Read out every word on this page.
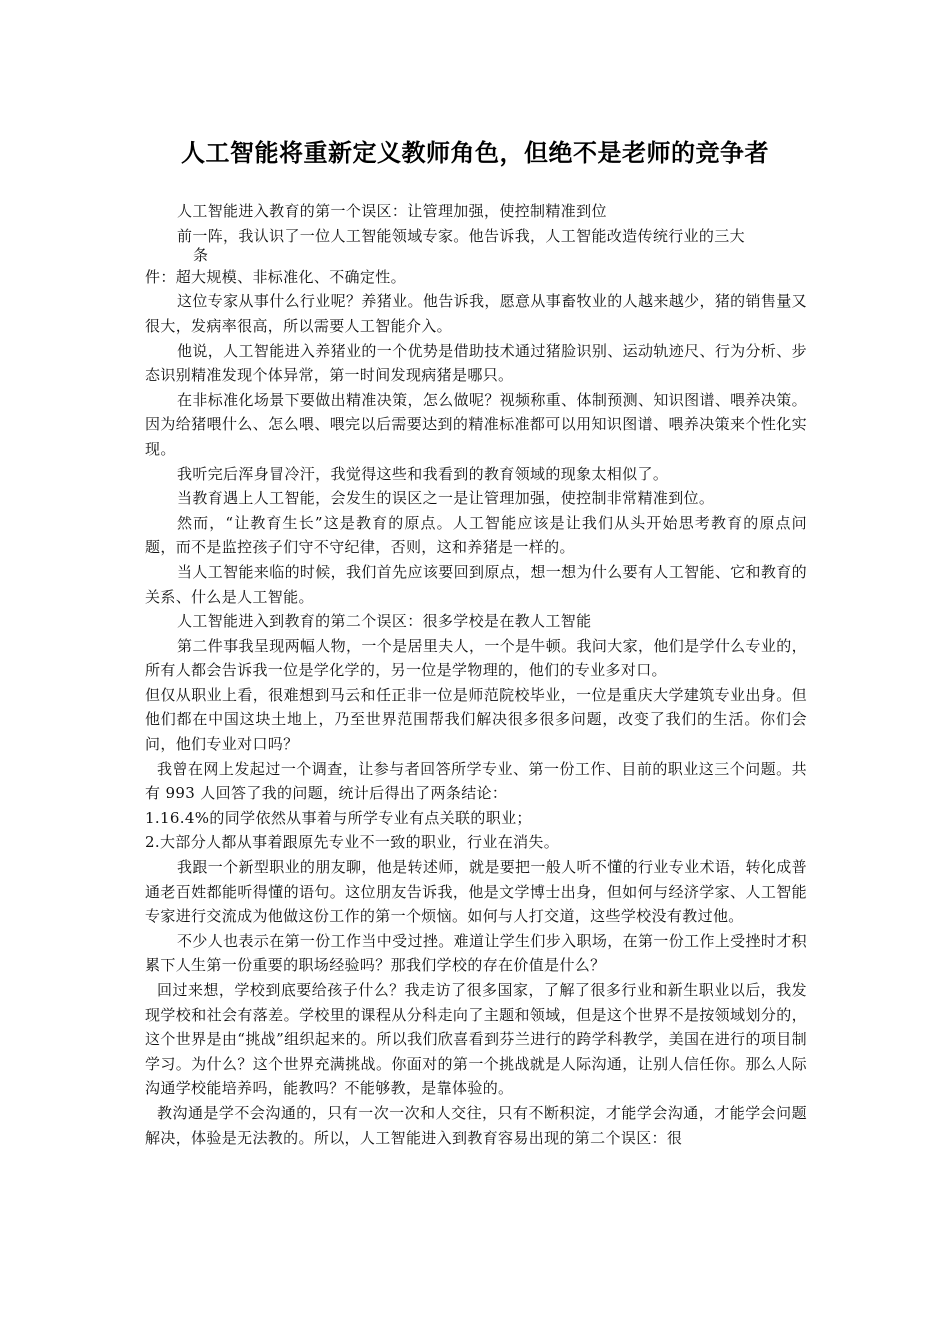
人工智能将重新定义教师角色，但绝不是老师的竞争者

人工智能进入教育的第一个误区：让管理加强，使控制精准到位

前一阵，我认识了一位人工智能领域专家。他告诉我，人工智能改造传统行业的三大

条

件：超大规模、非标准化、不确定性。

这位专家从事什么行业呢？养猪业。他告诉我，愿意从事畜牧业的人越来越少，猪的销售量又很大，发病率很高，所以需要人工智能介入。

他说，人工智能进入养猪业的一个优势是借助技术通过猪脸识别、运动轨迹尺、行为分析、步态识别精准发现个体异常，第一时间发现病猪是哪只。

在非标准化场景下要做出精准决策，怎么做呢？视频称重、体制预测、知识图谱、喂养决策。因为给猪喂什么、怎么喂、喂完以后需要达到的精准标准都可以用知识图谱、喂养决策来个性化实现。

我听完后浑身冒冷汗，我觉得这些和我看到的教育领域的现象太相似了。

当教育遇上人工智能，会发生的误区之一是让管理加强，使控制非常精准到位。

然而，“让教育生长”这是教育的原点。人工智能应该是让我们从头开始思考教育的原点问题，而不是监控孩子们守不守纪律，否则，这和养猪是一样的。

当人工智能来临的时候，我们首先应该要回到原点，想一想为什么要有人工智能、它和教育的关系、什么是人工智能。

人工智能进入到教育的第二个误区：很多学校是在教人工智能

第二件事我呈现两幅人物，一个是居里夫人，一个是牛顿。我问大家，他们是学什么专业的，所有人都会告诉我一位是学化学的，另一位是学物理的，他们的专业多对口。

但仅从职业上看，很难想到马云和任正非一位是师范院校毕业，一位是重庆大学建筑专业出身。但他们都在中国这块土地上，乃至世界范围帮我们解决很多很多问题，改变了我们的生活。你们会问，他们专业对口吗？

我曾在网上发起过一个调查，让参与者回答所学专业、第一份工作、目前的职业这三个问题。共有 993 人回答了我的问题，统计后得出了两条结论：

1.16.4%的同学依然从事着与所学专业有点关联的职业；

2.大部分人都从事着跟原先专业不一致的职业，行业在消失。

我跟一个新型职业的朋友聊，他是转述师，就是要把一般人听不懂的行业专业术语，转化成普通老百姓都能听得懂的语句。这位朋友告诉我，他是文学博士出身，但如何与经济学家、人工智能专家进行交流成为他做这份工作的第一个烦恼。如何与人打交道，这些学校没有教过他。

不少人也表示在第一份工作当中受过挫。难道让学生们步入职场，在第一份工作上受挫时才积累下人生第一份重要的职场经验吗？那我们学校的存在价值是什么？

回过来想，学校到底要给孩子什么？我走访了很多国家，了解了很多行业和新生职业以后，我发现学校和社会有落差。学校里的课程从分科走向了主题和领域，但是这个世界不是按领域划分的，这个世界是由“挑战”组织起来的。所以我们欣喜看到芬兰进行的跨学科教学，美国在进行的项目制学习。为什么？这个世界充满挑战。你面对的第一个挑战就是人际沟通，让别人信任你。那么人际沟通学校能培养吗，能教吗？不能够教，是靠体验的。

教沟通是学不会沟通的，只有一次一次和人交往，只有不断积淀，才能学会沟通，才能学会问题解决，体验是无法教的。所以，人工智能进入到教育容易出现的第二个误区：很
